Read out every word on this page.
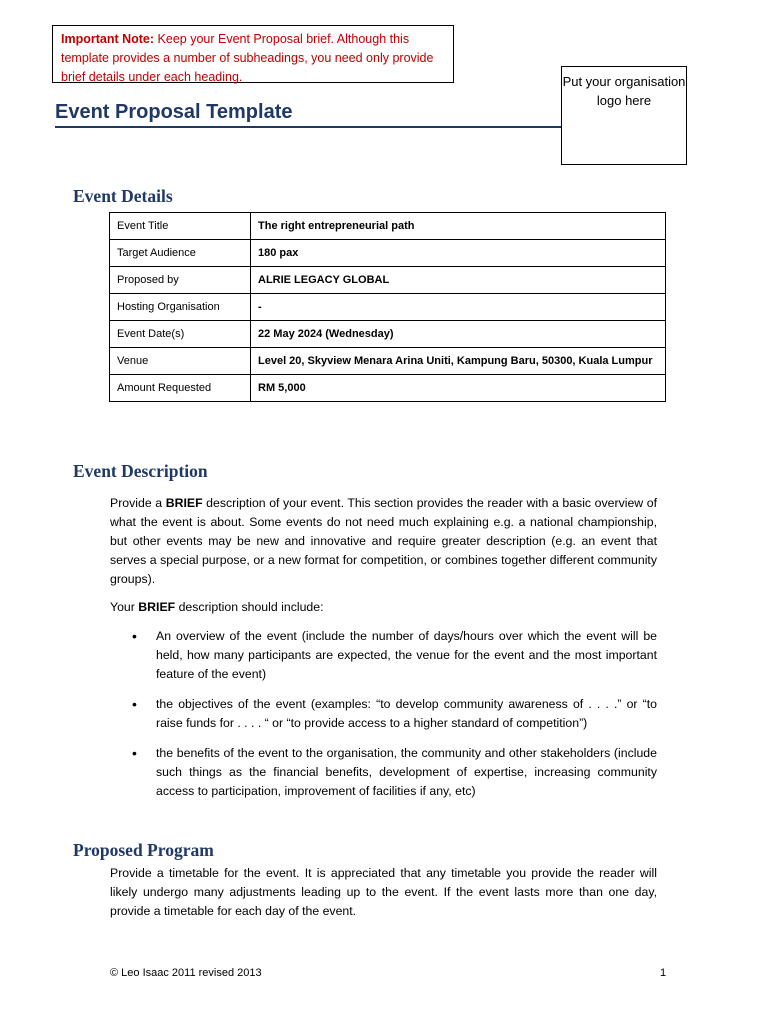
Important Note: Keep your Event Proposal brief. Although this template provides a number of subheadings, you need only provide brief details under each heading.	Put your organisation logo here
Event Proposal Template
Event Details
Event Title	The right entrepreneurial path
Target Audience	180 pax
Proposed by	ALRIE LEGACY GLOBAL
Hosting Organisation	-
Event Date(s)	22 May 2024 (Wednesday)
Venue	Level 20, Skyview Menara Arina Uniti, Kampung Baru, 50300, Kuala Lumpur
Amount Requested	RM 5,000
Event Description

Provide a BRIEF description of your event. This section provides the reader with a basic overview of what the event is about. Some events do not need much explaining e.g. a national championship, but other events may be new and innovative and require greater description (e.g. an event that serves a special purpose, or a new format for competition, or combines together different community groups).

Your BRIEF description should include:

• An overview of the event (include the number of days/hours over which the event will be held, how many participants are expected, the venue for the event and the most important feature of the event)
• the objectives of the event (examples: “to develop community awareness of . . . .” or “to raise funds for . . . . “ or “to provide access to a higher standard of competition”)
• the benefits of the event to the organisation, the community and other stakeholders (include such things as the financial benefits, development of expertise, increasing community access to participation, improvement of facilities if any, etc)
Proposed Program

Provide a timetable for the event. It is appreciated that any timetable you provide the reader will likely undergo many adjustments leading up to the event. If the event lasts more than one day, provide a timetable for each day of the event.

© Leo Isaac 2011 revised 2013	1
